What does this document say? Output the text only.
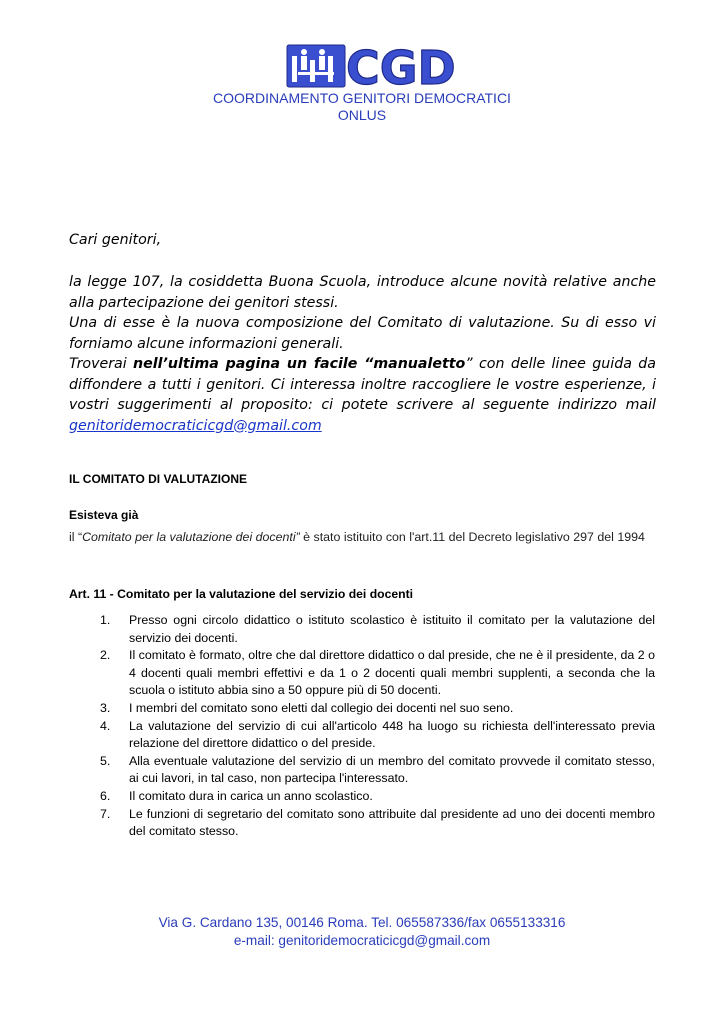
CGD
COORDINAMENTO GENITORI DEMOCRATICI
ONLUS
Cari genitori,

la legge 107, la cosiddetta Buona Scuola, introduce alcune novità relative anche alla partecipazione dei genitori stessi.

Una di esse è la nuova composizione del Comitato di valutazione. Su di esso vi forniamo alcune informazioni generali.

Troverai nell’ultima pagina un facile “manualetto” con delle linee guida da diffondere a tutti i genitori. Ci interessa inoltre raccogliere le vostre esperienze, i vostri suggerimenti al proposito: ci potete scrivere al seguente indirizzo mail genitoridemocraticicgd@gmail.com

IL COMITATO DI VALUTAZIONE
Esisteva già
il “Comitato per la valutazione dei docenti” è stato istituito con l'art.11 del Decreto legislativo 297 del 1994
Art. 11 - Comitato per la valutazione del servizio dei docenti
1. Presso ogni circolo didattico o istituto scolastico è istituito il comitato per la valutazione del servizio dei docenti.
2. Il comitato è formato, oltre che dal direttore didattico o dal preside, che ne è il presidente, da 2 o 4 docenti quali membri effettivi e da 1 o 2 docenti quali membri supplenti, a seconda che la scuola o istituto abbia sino a 50 oppure più di 50 docenti.
3. I membri del comitato sono eletti dal collegio dei docenti nel suo seno.
4. La valutazione del servizio di cui all'articolo 448 ha luogo su richiesta dell'interessato previa relazione del direttore didattico o del preside.
5. Alla eventuale valutazione del servizio di un membro del comitato provvede il comitato stesso, ai cui lavori, in tal caso, non partecipa l'interessato.
6. Il comitato dura in carica un anno scolastico.
7. Le funzioni di segretario del comitato sono attribuite dal presidente ad uno dei docenti membro del comitato stesso.
Via G. Cardano 135, 00146 Roma. Tel. 065587336/fax 0655133316
e-mail: genitoridemocraticicgd@gmail.com
